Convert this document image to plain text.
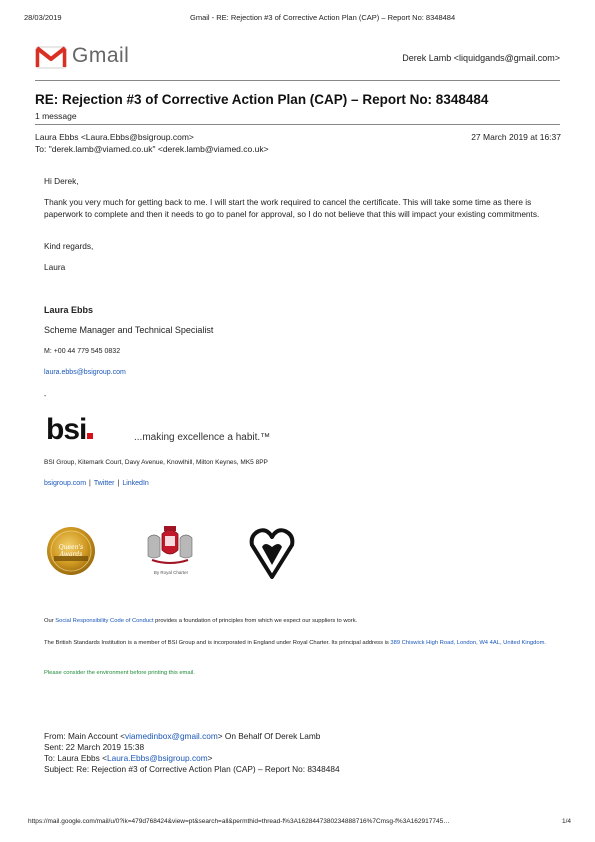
28/03/2019	Gmail - RE: Rejection #3 of Corrective Action Plan (CAP) – Report No: 8348484
Gmail	Derek Lamb <liquidgands@gmail.com>
RE: Rejection #3 of Corrective Action Plan (CAP) – Report No: 8348484
1 message
Laura Ebbs <Laura.Ebbs@bsigroup.com>	27 March 2019 at 16:37
To: "derek.lamb@viamed.co.uk" <derek.lamb@viamed.co.uk>
Hi Derek,
Thank you very much for getting back to me. I will start the work required to cancel the certificate. This will take some time as there is paperwork to complete and then it needs to go to panel for approval, so I do not believe that this will impact your existing commitments.
Kind regards,
Laura
Laura Ebbs
Scheme Manager and Technical Specialist
M: +00 44 779 545 0832
laura.ebbs@bsigroup.com
-
bsi	...making excellence a habit.™
BSI Group, Kitemark Court, Davy Avenue, Knowlhill, Milton Keynes, MK5 8PP
bsigroup.com | Twitter | LinkedIn
Queen's Awards
By Royal Charter
Our Social Responsibility Code of Conduct provides a foundation of principles from which we expect our suppliers to work.
The British Standards Institution is a member of BSI Group and is incorporated in England under Royal Charter. Its principal address is 389 Chiswick High Road, London, W4 4AL, United Kingdom.
Please consider the environment before printing this email.
From: Main Account <viamedinbox@gmail.com> On Behalf Of Derek Lamb
Sent: 22 March 2019 15:38
To: Laura Ebbs <Laura.Ebbs@bsigroup.com>
Subject: Re: Rejection #3 of Corrective Action Plan (CAP) – Report No: 8348484
https://mail.google.com/mail/u/0?ik=479d768424&view=pt&search=all&permthid=thread-f%3A1628447380234888716%7Cmsg-f%3A162917745…	1/4
